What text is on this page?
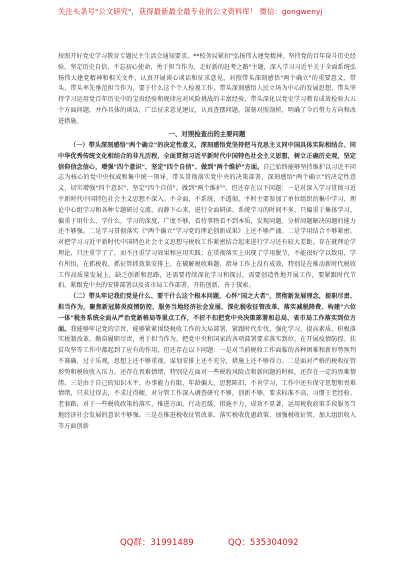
关注头条号"公文研究"，获得最新最全最专业的公文资料库！ 微信：gongwenyj

按照开好党史学习教育专题民主生活会通知要求，**校务局紧扣"弘扬伟大建党精神，坚持党的百年奋斗历史经验，坚定历史自信，不忘初心使命，勇于担当作为，走好新的赶考之路"主题，深入学习习近平关于全面系统弘扬伟大建党精神和相关文件，认真开展谈心谈话和征求意见，对照带头深刻感悟"两个确立"的重要意义、带头，带头率先垂范担当作为，要于什么这个个人检视工作，带头深刻感悟人民立场为中心的发展思想、带头坚持学习运用党百年历史中的宝贵经验和规律应对风险挑战的丰富经验，带头深化以党史学习教育成效检验大五个方面问题，并作具体的谈话，广泛征求意见建议，认真查摆问题，深刻对照剖析，明确了今后努力方向和改进措施。

一、对照检查出的主要问题

（一）带头深刻感悟"两个确立"的决定性意义，深刻感悟党坚持把马克思主义同中国具体实际相结合、同中华优秀传统文化相结合的非凡历程，全面贯彻习近平新时代中国特色社会主义思想，树立正确历史观，坚定信仰信念信心，增强"四个意识"、坚定"四个自信"、做到"两个维护"方面。自己始终能够坚持维护以习近平同志为核心的党中央权威和集中统一领导，带头贯彻落实党中央的决策部署，深刻感悟"两个确立"的决定性意义，切实增强"四个意识"、坚定"四个自信"、做到"两个维护"。但还存在以下问题：一是对深入学习贯彻习近平新时代中国特色社会主义思想不深入。不全面，不系统，不透彻。平时主要参加了单位组织的集中学习、理论中心组学习和各种专题研讨交流，而静下心来，进行全面研读、系统学习的时间不多，只偏重于集体学习，偏重于用什么、学什么，学习的深度、广度不够，看待事物看不到本质，发现问题、分析问题解决问题的能力还不够强。二是学习贯彻落实《"两个确立"学习党的理论创新成果》上还不够严谨。二是学用结合不够紧密。对把学习习近平新时代中国特色社会主义思想与税收工作紧密结合起来进行学习还有较大差距。存在就理论学理论，只注重学了了，而不注重学习效果和应用实践；在贯彻落实上出现了学用脱节，不能很好学以致用，学有所悟，在抓税收、抓征管抓效果安排上，在破解税收难题、指导工作上没有成效，特别是在推动新时代税收工作高质量发展上，缺乏创新和思路，还需要持续深化学习和探讨，需要创造性地开展工作，要紧跟时代节拍，紧跟党中央的安排部署以及省市局工作部署，开拓创新，善于探索。

（二）带头牢记我们党是什么、要干什么这个根本问题，心怀"国之大者"，贯彻新发展理念，提职尽责、担当作为，聚焦新冠肺炎疫情防控、服务当地经济社会发展、深化税收征管改革、落实减税降费、构建"六位一体"税务系统全面从严治党新格局等重点工作，不折不扣把党中央决策部署和总局、省市局工作落实到位方面。我能够牢记党的宗旨，能够紧紧围绕税收工作的大局部署，紧跟时代步伐，强化学习，提高素质，积极落实税制改革，勤奋履职尽责，勇于担当作为，把党中央和国家的各项部署要求落实到位，在开展疫情防控、扶贫攻坚等工作中都起到了应有的作用，但还存在以下问题：一是对当前税收工作面临的各种困难和新形势预判不准确，过于乐观，思想上还不够重视，谋划安排上还不充分，措施上还不够得力。二是面对严格的税收征管形势和税收收入压力，还存在畏难情绪，特别是在面对一些税收风险点和新问题的时候，还存在一定的畏难情绪。三是由于自己的知识水平、办事能力有限，年龄偏大，思想陈旧，不善学习，工作中还有保守思想和畏难情绪，只求过得去，不求过得硬，对分管工作深入调查研究不够，创新不够，要求标准不高，习惯于老经验、老套路，对于一些税收政策的落实，推进方面，行动迟缓，措施不力，成效不显著，运用税收政策手段服务当地经济社会发展的意识不够强。三是在推进税收征管改革、落实税收优惠政策、加强税收征管、加大组织收入等方面创新

QQ群：31991489	QQ：535304092
